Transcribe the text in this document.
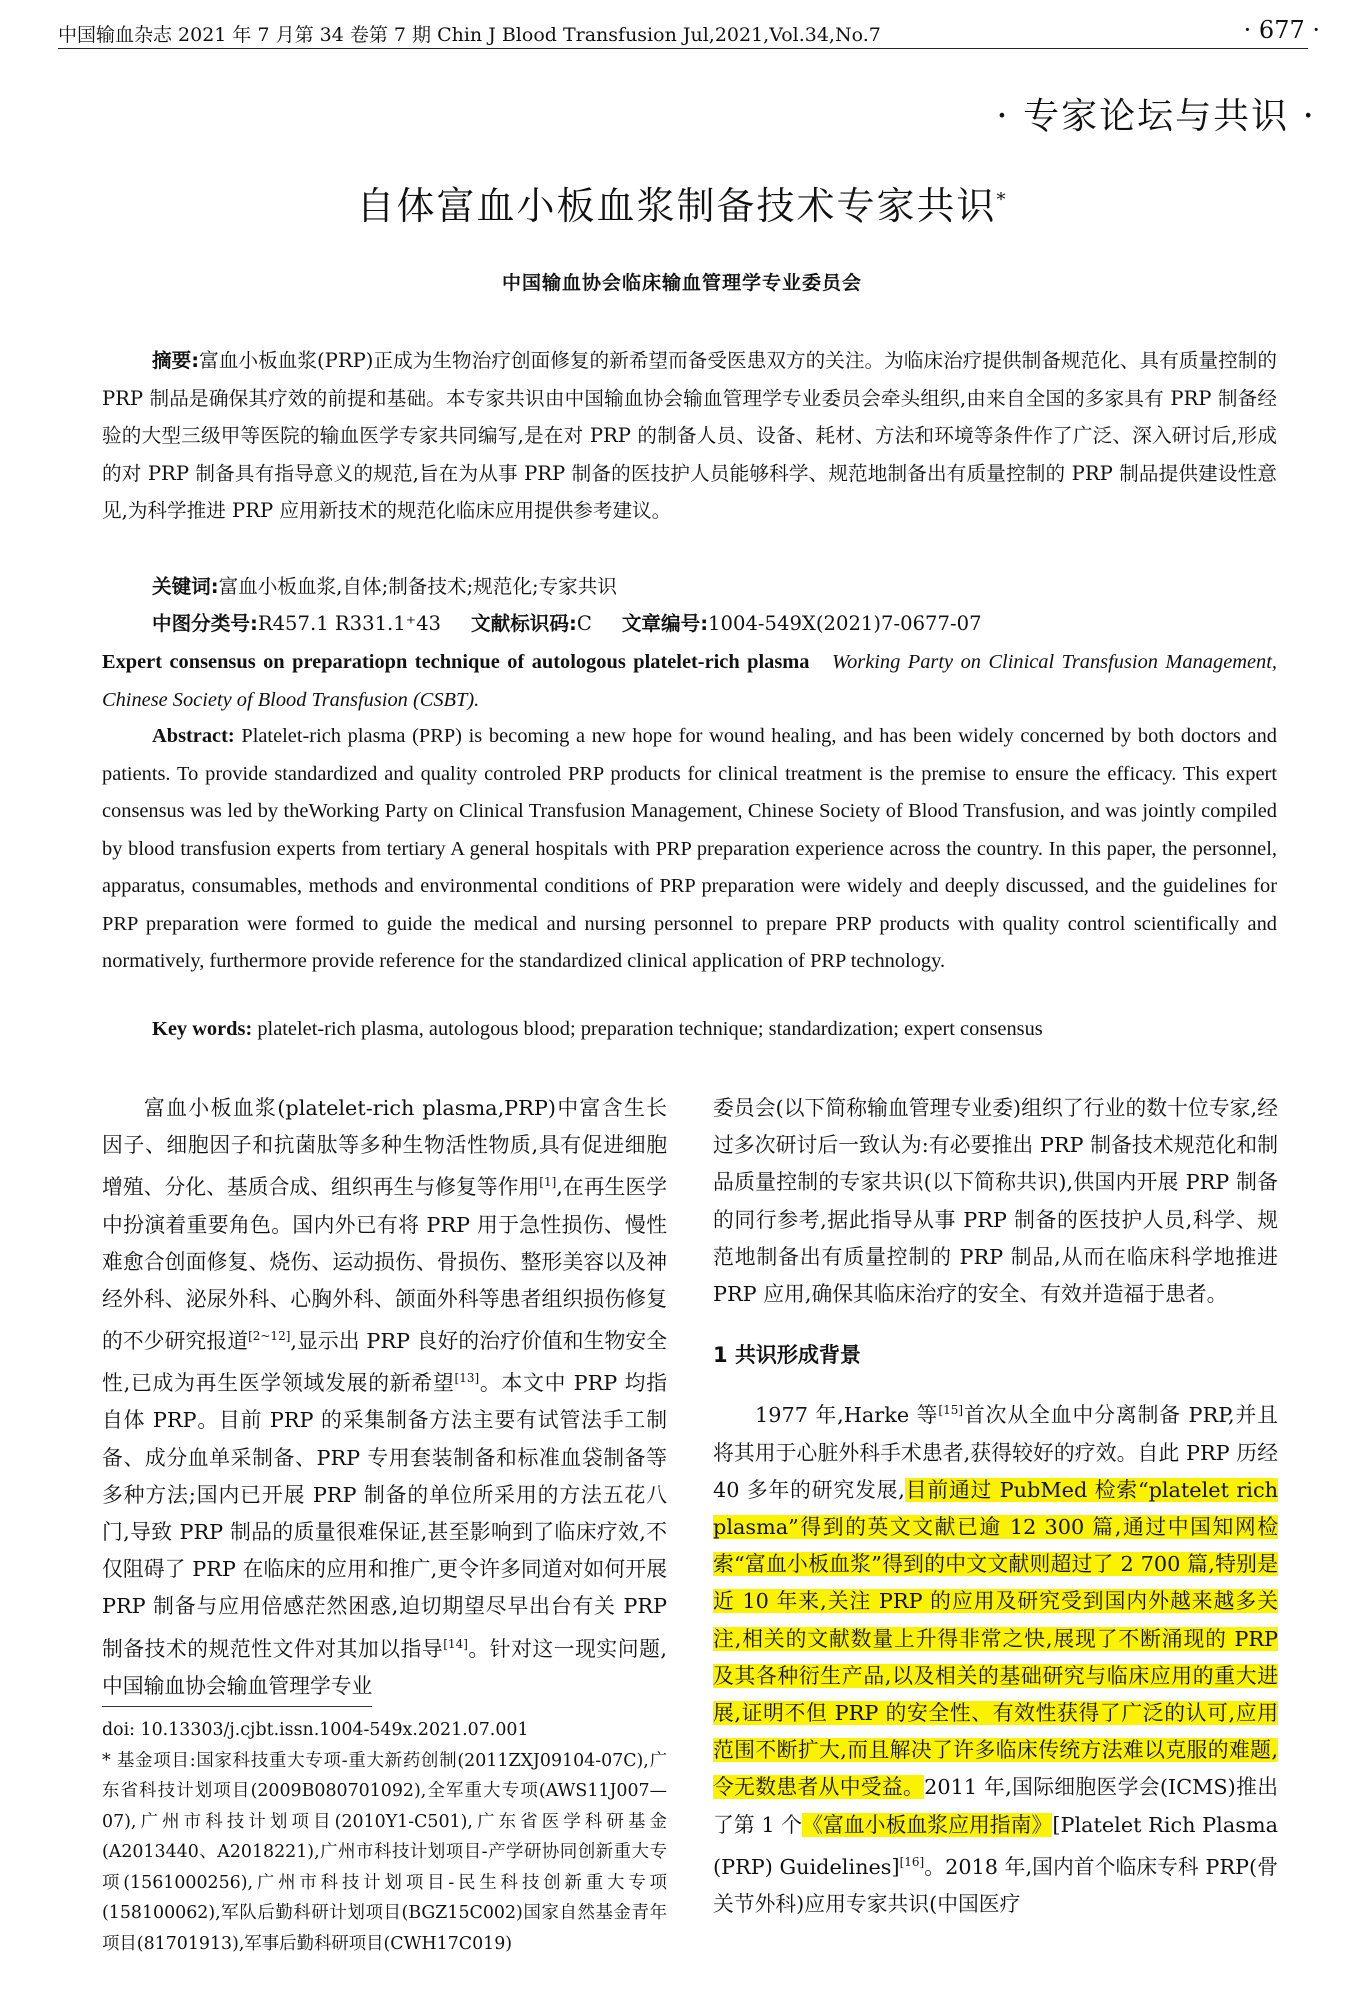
中国输血杂志 2021 年 7 月第 34 卷第 7 期 Chin J Blood Transfusion Jul,2021,Vol.34,No.7	· 677 ·
· 专家论坛与共识 ·
自体富血小板血浆制备技术专家共识*
中国输血协会临床输血管理学专业委员会
摘要:富血小板血浆(PRP)正成为生物治疗创面修复的新希望而备受医患双方的关注。为临床治疗提供制备规范化、具有质量控制的 PRP 制品是确保其疗效的前提和基础。本专家共识由中国输血协会输血管理学专业委员会牵头组织,由来自全国的多家具有 PRP 制备经验的大型三级甲等医院的输血医学专家共同编写,是在对 PRP 的制备人员、设备、耗材、方法和环境等条件作了广泛、深入研讨后,形成的对 PRP 制备具有指导意义的规范,旨在为从事 PRP 制备的医技护人员能够科学、规范地制备出有质量控制的 PRP 制品提供建设性意见,为科学推进 PRP 应用新技术的规范化临床应用提供参考建议。
关键词:富血小板血浆,自体;制备技术;规范化;专家共识
中图分类号:R457.1 R331.1⁺43 文献标识码:C 文章编号:1004-549X(2021)7-0677-07
Expert consensus on preparatiopn technique of autologous platelet-rich plasma Working Party on Clinical Transfusion Management, Chinese Society of Blood Transfusion (CSBT).
Abstract: Platelet-rich plasma (PRP) is becoming a new hope for wound healing, and has been widely concerned by both doctors and patients. To provide standardized and quality controled PRP products for clinical treatment is the premise to ensure the efficacy. This expert consensus was led by theWorking Party on Clinical Transfusion Management, Chinese Society of Blood Transfusion, and was jointly compiled by blood transfusion experts from tertiary A general hospitals with PRP preparation experience across the country. In this paper, the personnel, apparatus, consumables, methods and environmental conditions of PRP preparation were widely and deeply discussed, and the guidelines for PRP preparation were formed to guide the medical and nursing personnel to prepare PRP products with quality control scientifically and normatively, furthermore provide reference for the standardized clinical application of PRP technology.
Key words: platelet-rich plasma, autologous blood; preparation technique; standardization; expert consensus

富血小板血浆(platelet-rich plasma,PRP)中富含生长因子、细胞因子和抗菌肽等多种生物活性物质,具有促进细胞增殖、分化、基质合成、组织再生与修复等作用[1],在再生医学中扮演着重要角色。国内外已有将 PRP 用于急性损伤、慢性难愈合创面修复、烧伤、运动损伤、骨损伤、整形美容以及神经外科、泌尿外科、心胸外科、颌面外科等患者组织损伤修复的不少研究报道[2~12],显示出 PRP 良好的治疗价值和生物安全性,已成为再生医学领域发展的新希望[13]。本文中 PRP 均指自体 PRP。目前 PRP 的采集制备方法主要有试管法手工制备、成分血单采制备、PRP 专用套装制备和标准血袋制备等多种方法;国内已开展 PRP 制备的单位所采用的方法五花八门,导致 PRP 制品的质量很难保证,甚至影响到了临床疗效,不仅阻碍了 PRP 在临床的应用和推广,更令许多同道对如何开展 PRP 制备与应用倍感茫然困惑,迫切期望尽早出台有关 PRP 制备技术的规范性文件对其加以指导[14]。针对这一现实问题,中国输血协会输血管理学专业

doi: 10.13303/j.cjbt.issn.1004-549x.2021.07.001

* 基金项目:国家科技重大专项-重大新药创制(2011ZXJ09104-07C),广东省科技计划项目(2009B080701092),全军重大专项(AWS11J007—07),广州市科技计划项目(2010Y1-C501),广东省医学科研基金(A2013440、A2018221),广州市科技计划项目-产学研协同创新重大专项(1561000256),广州市科技计划项目-民生科技创新重大专项(158100062),军队后勤科研计划项目(BGZ15C002)国家自然基金青年项目(81701913),军事后勤科研项目(CWH17C019)

委员会(以下简称输血管理专业委)组织了行业的数十位专家,经过多次研讨后一致认为:有必要推出 PRP 制备技术规范化和制品质量控制的专家共识(以下简称共识),供国内开展 PRP 制备的同行参考,据此指导从事 PRP 制备的医技护人员,科学、规范地制备出有质量控制的 PRP 制品,从而在临床科学地推进 PRP 应用,确保其临床治疗的安全、有效并造福于患者。

1 共识形成背景

1977 年,Harke 等[15]首次从全血中分离制备 PRP,并且将其用于心脏外科手术患者,获得较好的疗效。自此 PRP 历经 40 多年的研究发展,目前通过 PubMed 检索“platelet rich plasma”得到的英文文献已逾 12 300 篇,通过中国知网检索“富血小板血浆”得到的中文文献则超过了 2 700 篇,特别是近 10 年来,关注 PRP 的应用及研究受到国内外越来越多关注,相关的文献数量上升得非常之快,展现了不断涌现的 PRP 及其各种衍生产品,以及相关的基础研究与临床应用的重大进展,证明不但 PRP 的安全性、有效性获得了广泛的认可,应用范围不断扩大,而且解决了许多临床传统方法难以克服的难题,令无数患者从中受益。2011 年,国际细胞医学会(ICMS)推出了第 1 个《富血小板血浆应用指南》[Platelet Rich Plasma (PRP) Guidelines][16]。2018 年,国内首个临床专科 PRP(骨关节外科)应用专家共识(中国医疗
